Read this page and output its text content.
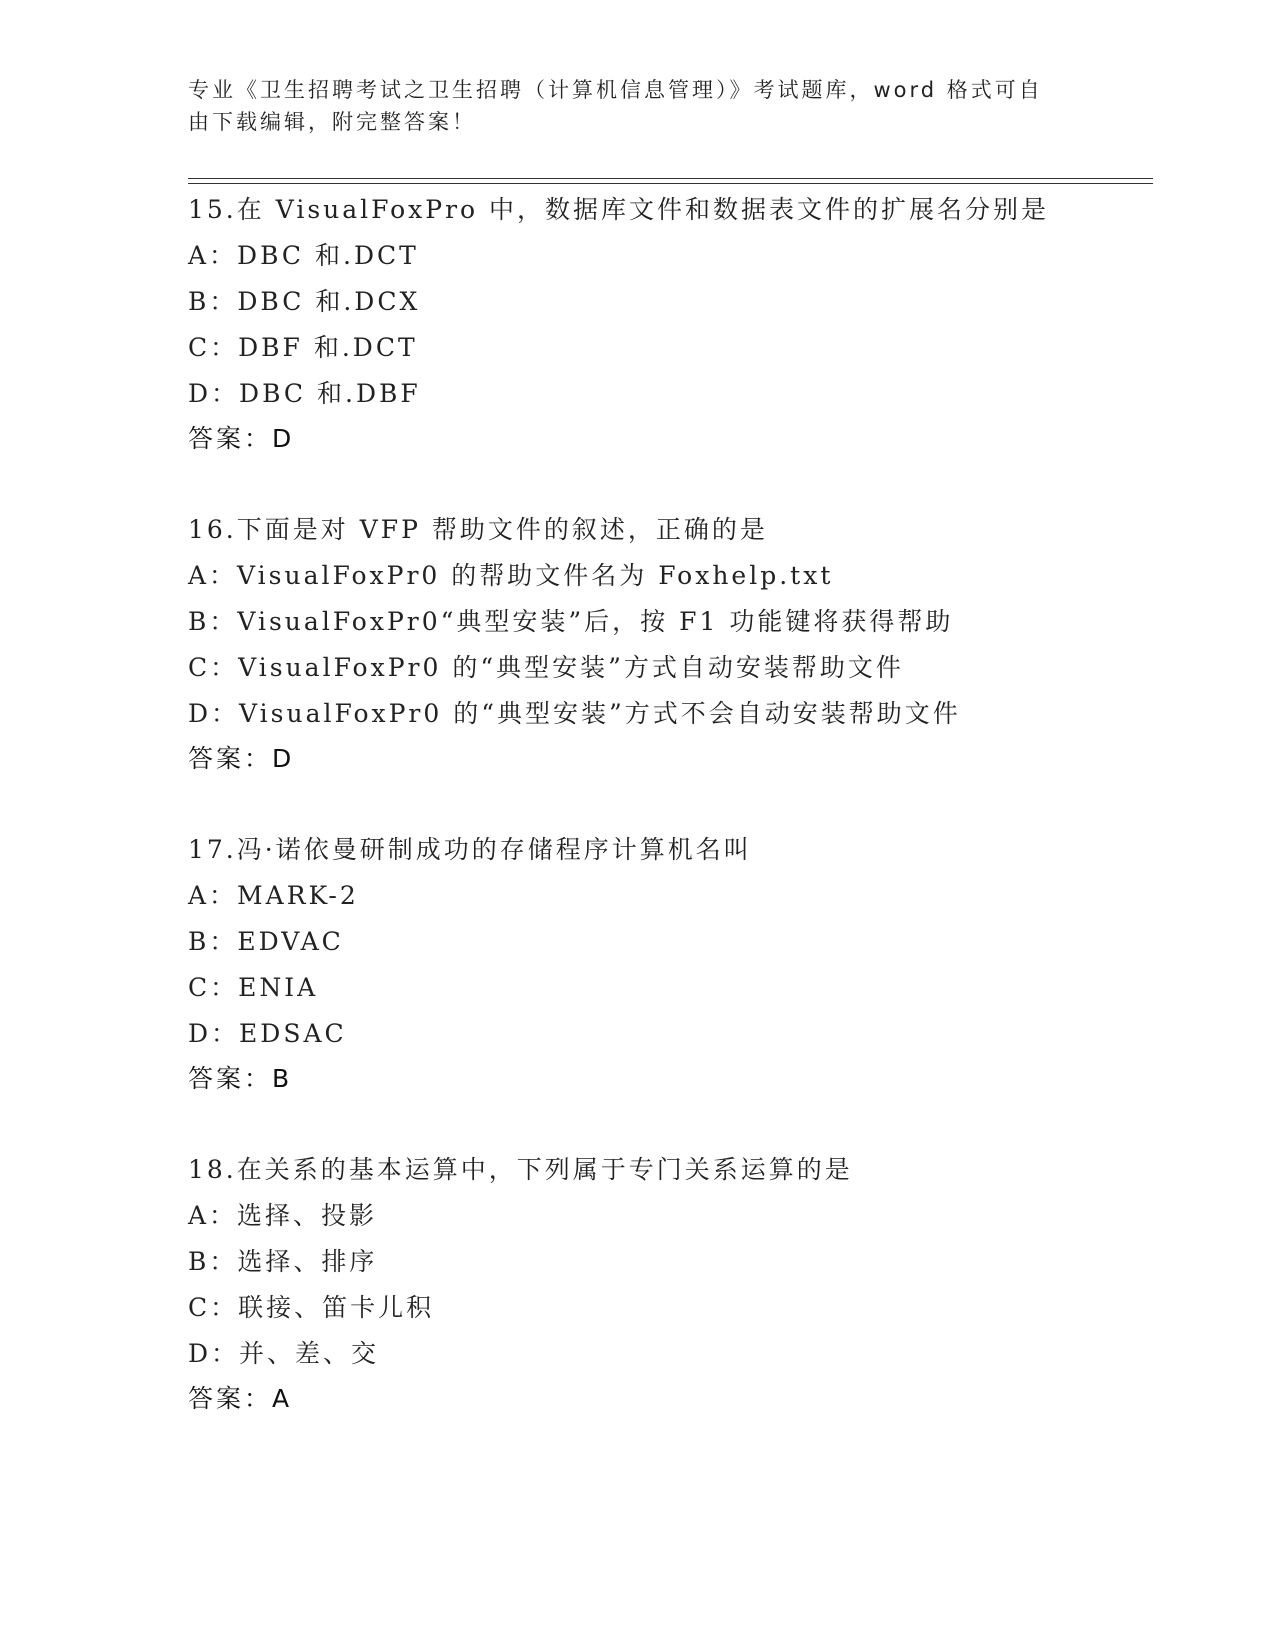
专业《卫生招聘考试之卫生招聘（计算机信息管理）》考试题库，word 格式可自
由下载编辑，附完整答案！
15.在 VisualFoxPro 中，数据库文件和数据表文件的扩展名分别是
A：DBC 和.DCT
B：DBC 和.DCX
C：DBF 和.DCT
D：DBC 和.DBF
答案：D
16.下面是对 VFP 帮助文件的叙述，正确的是
A：VisualFoxPr0 的帮助文件名为 Foxhelp.txt
B：VisualFoxPr0“典型安装”后，按 F1 功能键将获得帮助
C：VisualFoxPr0 的“典型安装”方式自动安装帮助文件
D：VisualFoxPr0 的“典型安装”方式不会自动安装帮助文件
答案：D
17.冯·诺依曼研制成功的存储程序计算机名叫
A：MARK-2
B：EDVAC
C：ENIA
D：EDSAC
答案：B
18.在关系的基本运算中，下列属于专门关系运算的是
A：选择、投影
B：选择、排序
C：联接、笛卡儿积
D：并、差、交
答案：A
